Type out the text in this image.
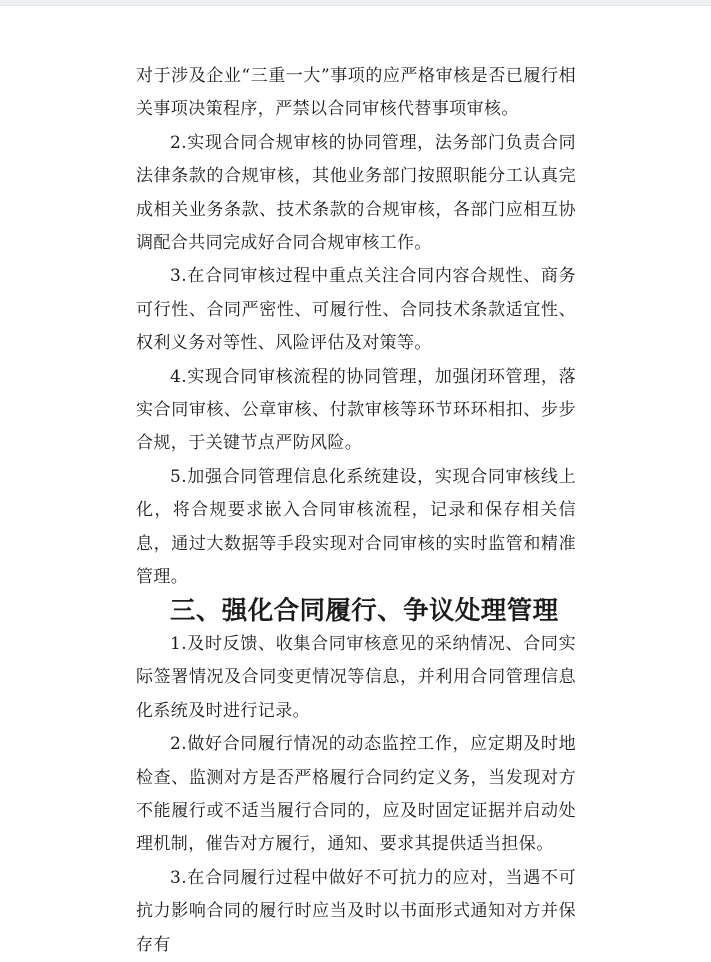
对于涉及企业“三重一大”事项的应严格审核是否已履行相关事项决策程序，严禁以合同审核代替事项审核。

2.实现合同合规审核的协同管理，法务部门负责合同法律条款的合规审核，其他业务部门按照职能分工认真完成相关业务条款、技术条款的合规审核，各部门应相互协调配合共同完成好合同合规审核工作。

3.在合同审核过程中重点关注合同内容合规性、商务可行性、合同严密性、可履行性、合同技术条款适宜性、权利义务对等性、风险评估及对策等。

4.实现合同审核流程的协同管理，加强闭环管理，落实合同审核、公章审核、付款审核等环节环环相扣、步步合规，于关键节点严防风险。

5.加强合同管理信息化系统建设，实现合同审核线上化，将合规要求嵌入合同审核流程，记录和保存相关信息，通过大数据等手段实现对合同审核的实时监管和精准管理。

三、强化合同履行、争议处理管理

1.及时反馈、收集合同审核意见的采纳情况、合同实际签署情况及合同变更情况等信息，并利用合同管理信息化系统及时进行记录。

2.做好合同履行情况的动态监控工作，应定期及时地检查、监测对方是否严格履行合同约定义务，当发现对方不能履行或不适当履行合同的，应及时固定证据并启动处理机制，催告对方履行，通知、要求其提供适当担保。

3.在合同履行过程中做好不可抗力的应对，当遇不可抗力影响合同的履行时应当及时以书面形式通知对方并保存有
